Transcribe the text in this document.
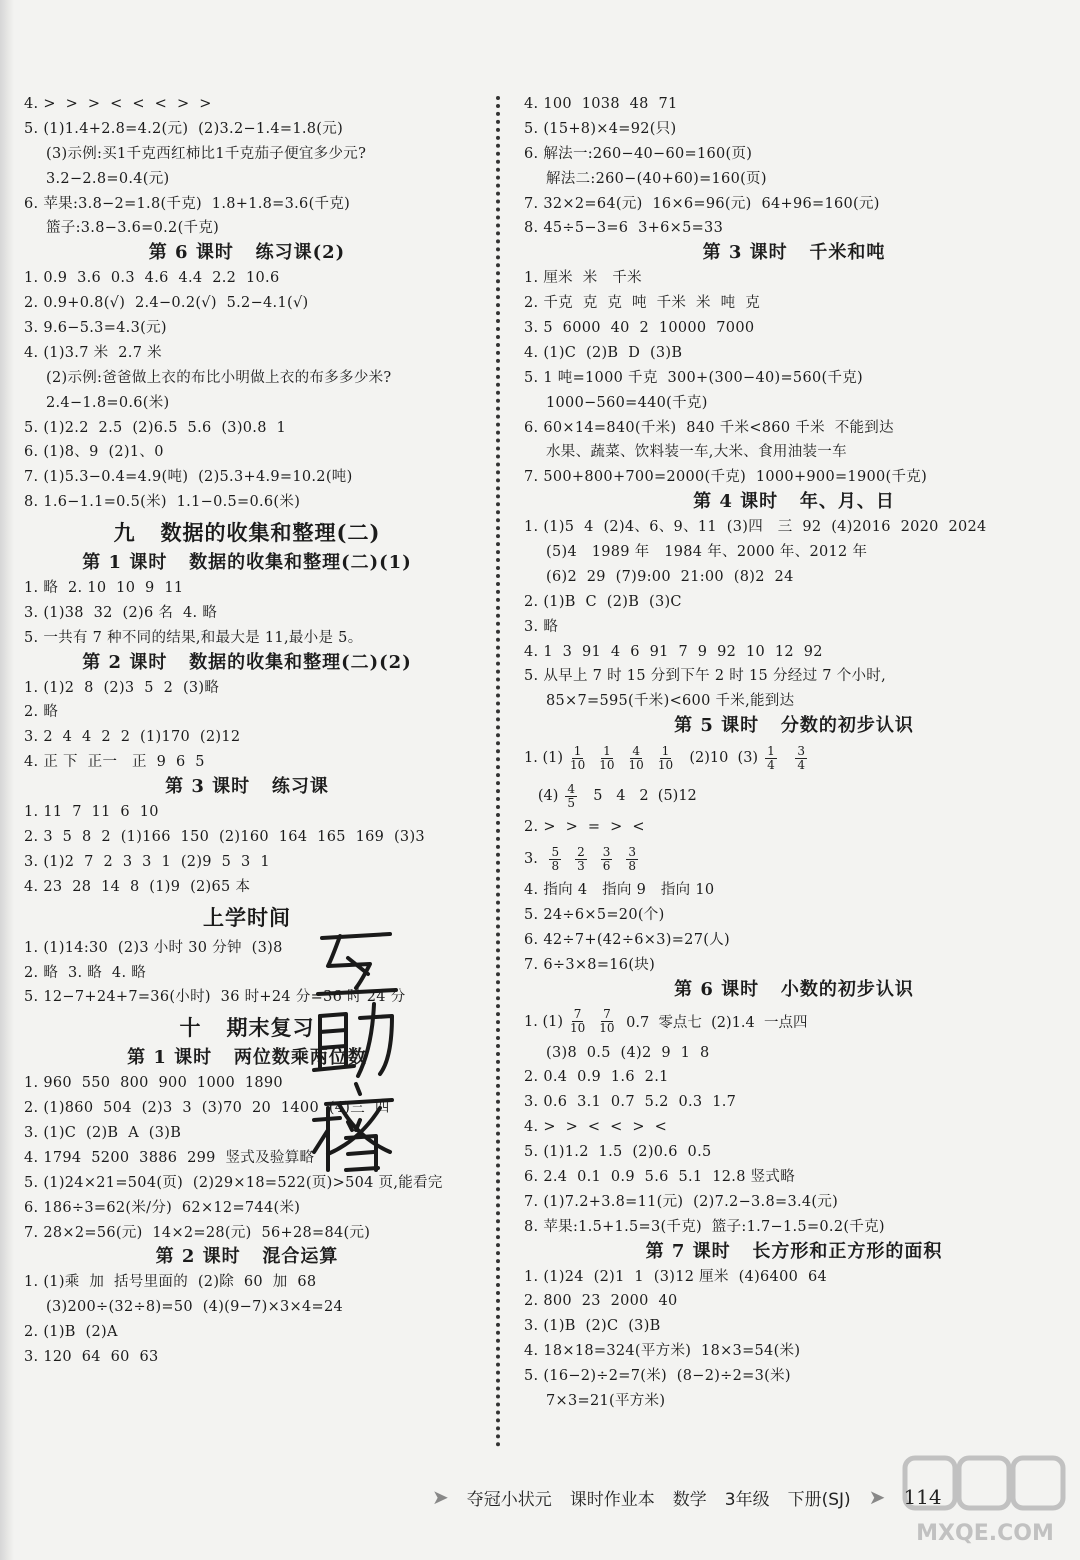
4. >  >  >  <  <  <  >  >
5. (1)1.4+2.8=4.2(元)  (2)3.2−1.4=1.8(元)
(3)示例:买1千克西红柿比1千克茄子便宜多少元?
3.2−2.8=0.4(元)
6. 苹果:3.8−2=1.8(千克)  1.8+1.8=3.6(千克)
篮子:3.8−3.6=0.2(千克)
第 6 课时   练习课(2)
1. 0.9  3.6  0.3  4.6  4.4  2.2  10.6
2. 0.9+0.8(√)  2.4−0.2(√)  5.2−4.1(√)
3. 9.6−5.3=4.3(元)
4. (1)3.7 米  2.7 米
(2)示例:爸爸做上衣的布比小明做上衣的布多多少米?
2.4−1.8=0.6(米)
5. (1)2.2  2.5  (2)6.5  5.6  (3)0.8  1
6. (1)8、9  (2)1、0
7. (1)5.3−0.4=4.9(吨)  (2)5.3+4.9=10.2(吨)
8. 1.6−1.1=0.5(米)  1.1−0.5=0.6(米)
九   数据的收集和整理(二)
第 1 课时   数据的收集和整理(二)(1)
1. 略  2. 10  10  9  11
3. (1)38  32  (2)6 名  4. 略
5. 一共有 7 种不同的结果,和最大是 11,最小是 5。
第 2 课时   数据的收集和整理(二)(2)
1. (1)2  8  (2)3  5  2  (3)略
2. 略
3. 2  4  4  2  2  (1)170  (2)12
4. 正 下  正一   正  9  6  5
第 3 课时   练习课
1. 11  7  11  6  10
2. 3  5  8  2  (1)166  150  (2)160  164  165  169  (3)3
3. (1)2  7  2  3  3  1  (2)9  5  3  1
4. 23  28  14  8  (1)9  (2)65 本
上学时间
1. (1)14:30  (2)3 小时 30 分钟  (3)8
2. 略  3. 略  4. 略
5. 12−7+24+7=36(小时)  36 时+24 分=36 时 24 分
十   期末复习
第 1 课时   两位数乘两位数
1. 960  550  800  900  1000  1890
2. (1)860  504  (2)3  3  (3)70  20  1400  (4)三  四
3. (1)C  (2)B  A  (3)B
4. 1794  5200  3886  299  竖式及验算略
5. (1)24×21=504(页)  (2)29×18=522(页)>504 页,能看完
6. 186÷3=62(米/分)  62×12=744(米)
7. 28×2=56(元)  14×2=28(元)  56+28=84(元)
第 2 课时   混合运算
1. (1)乘  加  括号里面的  (2)除  60  加  68
(3)200÷(32÷8)=50  (4)(9−7)×3×4=24
2. (1)B  (2)A
3. 120  64  60  63
4. 100  1038  48  71
5. (15+8)×4=92(只)
6. 解法一:260−40−60=160(页)
解法二:260−(40+60)=160(页)
7. 32×2=64(元)  16×6=96(元)  64+96=160(元)
8. 45÷5−3=6  3+6×5=33
第 3 课时   千米和吨
1. 厘米  米   千米
2. 千克  克  克  吨  千米  米  吨  克
3. 5  6000  40  2  10000  7000
4. (1)C  (2)B  D  (3)B
5. 1 吨=1000 千克  300+(300−40)=560(千克)
1000−560=440(千克)
6. 60×14=840(千米)  840 千米<860 千米  不能到达
水果、蔬菜、饮料装一车,大米、食用油装一车
7. 500+800+700=2000(千克)  1000+900=1900(千克)
第 4 课时   年、月、日
1. (1)5  4  (2)4、6、9、11  (3)四   三  92  (4)2016  2020  2024
(5)4   1989 年   1984 年、2000 年、2012 年
(6)2  29  (7)9:00  21:00  (8)2  24
2. (1)B  C  (2)B  (3)C
3. 略
4. 1  3  91  4  6  91  7  9  92  10  12  92
5. 从早上 7 时 15 分到下午 2 时 15 分经过 7 个小时,
85×7=595(千米)<600 千米,能到达
第 5 课时   分数的初步认识
1. $(1) \frac{1}{10} \frac{1}{10} \frac{4}{10} \frac{1}{10} (2)10$  $(3) \frac{1}{4}$
$\frac{3}{4}$
$(4) \frac{4}{5} 5$   4   2  (5)12
2. >  >  =  >  <
3. $\frac{5}{8} \frac{2}{3} \frac{3}{6} \frac{3}{8}$
4. 指向 4   指向 9   指向 10
5. 24÷6×5=20(个)
6. 42÷7+(42÷6×3)=27(人)
7. 6÷3×8=16(块)
第 6 课时   小数的初步认识
1. $(1) \frac{7}{10} \frac{7}{10} 0.7$  零点七  (2)1.4  一点四
(3)8  0.5  (4)2  9  1  8
2. 0.4  0.9  1.6  2.1
3. 0.6  3.1  0.7  5.2  0.3  1.7
4. >  >  <  <  >  <
5. (1)1.2  1.5  (2)0.6  0.5
6. 2.4  0.1  0.9  5.6  5.1  12.8 竖式略
7. (1)7.2+3.8=11(元)  (2)7.2−3.8=3.4(元)
8. 苹果:1.5+1.5=3(千克)  篮子:1.7−1.5=0.2(千克)
第 7 课时   长方形和正方形的面积
1. (1)24  (2)1  1  (3)12 厘米  (4)6400  64
2. 800  23  2000  40
3. (1)B  (2)C  (3)B
4. 18×18=324(平方米)  18×3=54(米)
5. (16−2)÷2=7(米)  (8−2)÷2=3(米)
7×3=21(平方米)
MXQE.COM
➤ 夺冠小状元 课时作业本 数学 3年级 下册(SJ) ➤ 114
